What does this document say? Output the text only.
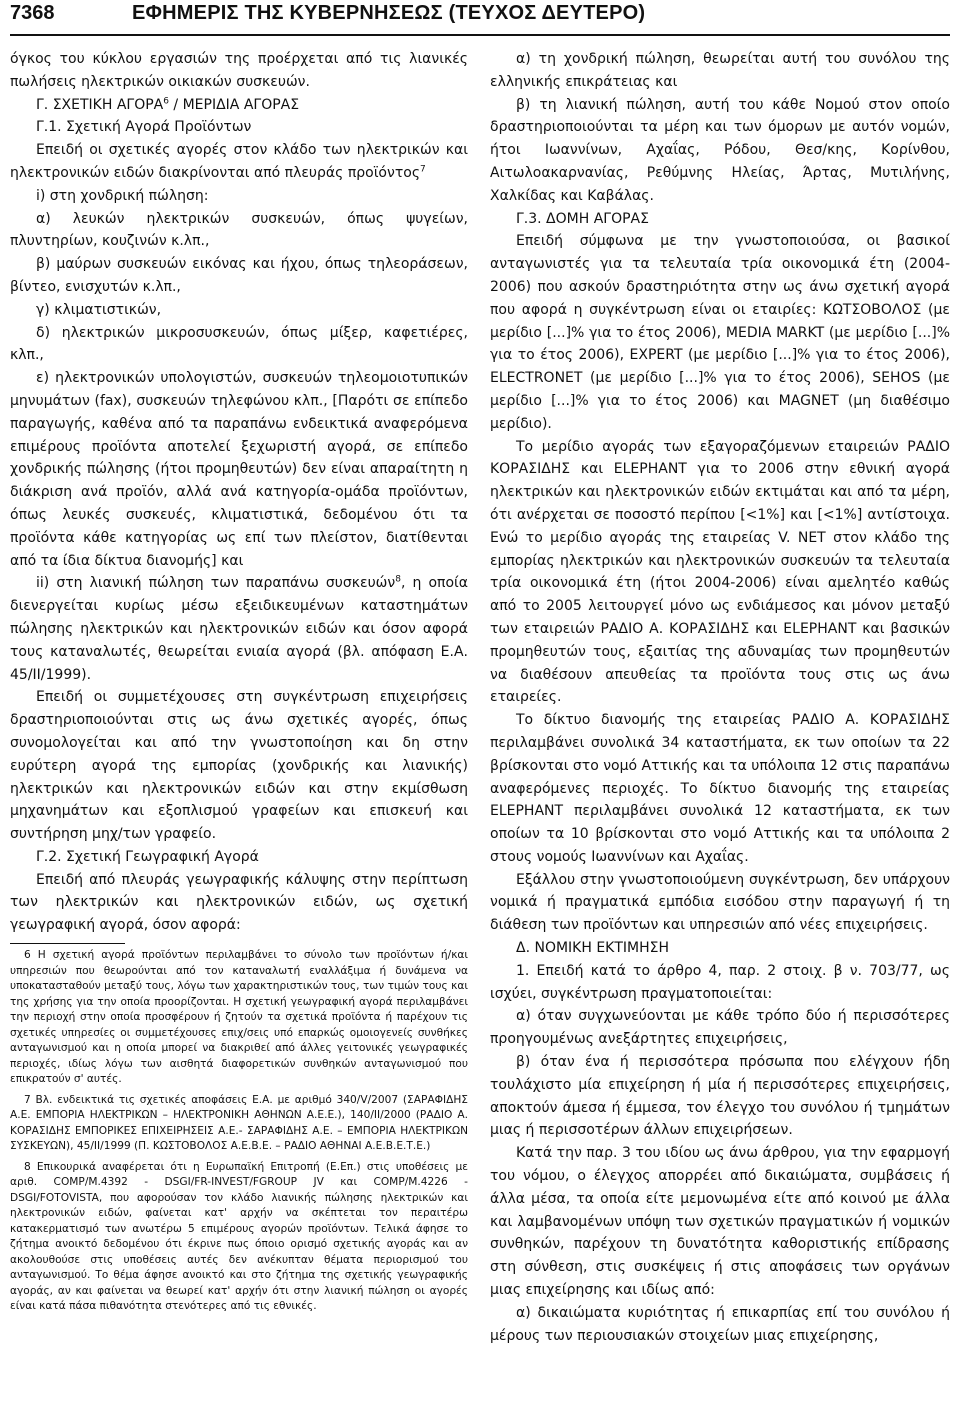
7368	ΕΦΗΜΕΡΙΣ ΤΗΣ ΚΥΒΕΡΝΗΣΕΩΣ (ΤΕΥΧΟΣ ΔΕΥΤΕΡΟ)

όγκος του κύκλου εργασιών της προέρχεται από τις λιανικές πωλήσεις ηλεκτρικών οικιακών συσκευών.

Γ. ΣΧΕΤΙΚΗ ΑΓΟΡΑ$^6$ / ΜΕΡΙΔΙΑ ΑΓΟΡΑΣ

Γ.1. Σχετική Αγορά Προϊόντων

Επειδή οι σχετικές αγορές στον κλάδο των ηλεκτρικών και ηλεκτρονικών ειδών διακρίνονται από πλευράς προϊόντος$^7$

i) στη χονδρική πώληση:

α) λευκών ηλεκτρικών συσκευών, όπως ψυγείων, πλυντηρίων, κουζινών κ.λπ.,

β) μαύρων συσκευών εικόνας και ήχου, όπως τηλεοράσεων, βίντεο, ενισχυτών κ.λπ.,

γ) κλιματιστικών,

δ) ηλεκτρικών μικροσυσκευών, όπως μίξερ, καφετιέρες, κλπ.,

ε) ηλεκτρονικών υπολογιστών, συσκευών τηλεομοιοτυπικών μηνυμάτων (fax), συσκευών τηλεφώνου κλπ., [Παρότι σε επίπεδο παραγωγής, καθένα από τα παραπάνω ενδεικτικά αναφερόμενα επιμέρους προϊόντα αποτελεί ξεχωριστή αγορά, σε επίπεδο χονδρικής πώλησης (ήτοι προμηθευτών) δεν είναι απαραίτητη η διάκριση ανά προϊόν, αλλά ανά κατηγορία-ομάδα προϊόντων, όπως λευκές συσκευές, κλιματιστικά, δεδομένου ότι τα προϊόντα κάθε κατηγορίας ως επί των πλείστον, διατίθενται από τα ίδια δίκτυα διανομής] και

ii) στη λιανική πώληση των παραπάνω συσκευών$^8$, η οποία διενεργείται κυρίως μέσω εξειδικευμένων καταστημάτων πώλησης ηλεκτρικών και ηλεκτρονικών ειδών και όσον αφορά τους καταναλωτές, θεωρείται ενιαία αγορά (βλ. απόφαση Ε.Α. 45/ΙΙ/1999).

Επειδή οι συμμετέχουσες στη συγκέντρωση επιχειρήσεις δραστηριοποιούνται στις ως άνω σχετικές αγορές, όπως συνομολογείται και από την γνωστοποίηση και δη στην ευρύτερη αγορά της εμπορίας (χονδρικής και λιανικής) ηλεκτρικών και ηλεκτρονικών ειδών και στην εκμίσθωση μηχανημάτων και εξοπλισμού γραφείων και επισκευή και συντήρηση μηχ/των γραφείο.

Γ.2. Σχετική Γεωγραφική Αγορά

Επειδή από πλευράς γεωγραφικής κάλυψης στην περίπτωση των ηλεκτρικών και ηλεκτρονικών ειδών, ως σχετική γεωγραφική αγορά, όσον αφορά:

6 Η σχετική αγορά προϊόντων περιλαμβάνει το σύνολο των προϊόντων ή/και υπηρεσιών που θεωρούνται από τον καταναλωτή εναλλάξιμα ή δυνάμενα να υποκατασταθούν μεταξύ τους, λόγω των χαρακτηριστικών τους, των τιμών τους και της χρήσης για την οποία προορίζονται. Η σχετική γεωγραφική αγορά περιλαμβάνει την περιοχή στην οποία προσφέρουν ή ζητούν τα σχετικά προϊόντα ή παρέχουν τις σχετικές υπηρεσίες οι συμμετέχουσες επιχ/σεις υπό επαρκώς ομοιογενείς συνθήκες ανταγωνισμού και η οποία μπορεί να διακριθεί από άλλες γειτονικές γεωγραφικές περιοχές, ιδίως λόγω των αισθητά διαφορετικών συνθηκών ανταγωνισμού που επικρατούν σ' αυτές.

7 Βλ. ενδεικτικά τις σχετικές αποφάσεις Ε.Α. με αριθμό 340/V/2007 (ΣΑΡΑΦΙΔΗΣ Α.Ε. ΕΜΠΟΡΙΑ ΗΛΕΚΤΡΙΚΩΝ – ΗΛΕΚΤΡΟΝΙΚΗ ΑΘΗΝΩΝ Α.Ε.Ε.), 140/ΙΙ/2000 (ΡΑΔΙΟ Α. ΚΟΡΑΣΙΔΗΣ ΕΜΠΟΡΙΚΕΣ ΕΠΙΧΕΙΡΗΣΕΙΣ Α.Ε.- ΣΑΡΑΦΙΔΗΣ Α.Ε. – ΕΜΠΟΡΙΑ ΗΛΕΚΤΡΙΚΩΝ ΣΥΣΚΕΥΩΝ), 45/ΙΙ/1999 (Π. ΚΩΣΤΟΒΟΛΟΣ Α.Ε.Β.Ε. – ΡΑΔΙΟ ΑΘΗΝΑΙ Α.Ε.Β.Ε.Τ.Ε.)

8 Επικουρικά αναφέρεται ότι η Ευρωπαϊκή Επιτροπή (Ε.Επ.) στις υποθέσεις με αριθ. COMP/M.4392 - DSGI/FR-INVEST/FGROUP JV και COMP/M.4226 - DSGI/FOTOVISTA, που αφορούσαν τον κλάδο λιανικής πώλησης ηλεκτρικών και ηλεκτρονικών ειδών, φαίνεται κατ' αρχήν να σκέπτεται τον περαιτέρω κατακερματισμό των ανωτέρω 5 επιμέρους αγορών προϊόντων. Τελικά άφησε το ζήτημα ανοικτό δεδομένου ότι έκρινε πως όποιο ορισμό σχετικής αγοράς και αν ακολουθούσε στις υποθέσεις αυτές δεν ανέκυπταν θέματα περιορισμού του ανταγωνισμού. Το θέμα άφησε ανοικτό και στο ζήτημα της σχετικής γεωγραφικής αγοράς, αν και φαίνεται να θεωρεί κατ' αρχήν ότι στην λιανική πώληση οι αγορές είναι κατά πάσα πιθανότητα στενότερες από τις εθνικές.

α) τη χονδρική πώληση, θεωρείται αυτή του συνόλου της ελληνικής επικράτειας και

β) τη λιανική πώληση, αυτή του κάθε Νομού στον οποίο δραστηριοποιούνται τα μέρη και των όμορων με αυτόν νομών, ήτοι Ιωαννίνων, Αχαΐας, Ρόδου, Θεσ/κης, Κορίνθου, Αιτωλοακαρνανίας, Ρεθύμνης Ηλείας, Άρτας, Μυτιλήνης, Χαλκίδας και Καβάλας.

Γ.3. ΔΟΜΗ ΑΓΟΡΑΣ

Επειδή σύμφωνα με την γνωστοποιούσα, οι βασικοί ανταγωνιστές για τα τελευταία τρία οικονομικά έτη (2004-2006) που ασκούν δραστηριότητα στην ως άνω σχετική αγορά που αφορά η συγκέντρωση είναι οι εταιρίες: ΚΩΤΣΟΒΟΛΟΣ (με μερίδιο [...]% για το έτος 2006), MEDIA MARKT (με μερίδιο [...]% για το έτος 2006), EXPERT (με μερίδιο [...]% για το έτος 2006), ELECTRONET (με μερίδιο [...]% για το έτος 2006), SEHOS (με μερίδιο [...]% για το έτος 2006) και MAGNET (μη διαθέσιμο μερίδιο).

Το μερίδιο αγοράς των εξαγοραζόμενων εταιρειών ΡΑΔΙΟ ΚΟΡΑΣΙΔΗΣ και ELEPHANT για το 2006 στην εθνική αγορά ηλεκτρικών και ηλεκτρονικών ειδών εκτιμάται και από τα μέρη, ότι ανέρχεται σε ποσοστό περίπου [<1%] και [<1%] αντίστοιχα. Ενώ το μερίδιο αγοράς της εταιρείας V. NET στον κλάδο της εμπορίας ηλεκτρικών και ηλεκτρονικών συσκευών τα τελευταία τρία οικονομικά έτη (ήτοι 2004-2006) είναι αμελητέο καθώς από το 2005 λειτουργεί μόνο ως ενδιάμεσος και μόνον μεταξύ των εταιρειών ΡΑΔΙΟ Α. ΚΟΡΑΣΙΔΗΣ και ELEPHANT και βασικών προμηθευτών τους, εξαιτίας της αδυναμίας των προμηθευτών να διαθέσουν απευθείας τα προϊόντα τους στις ως άνω εταιρείες.

Το δίκτυο διανομής της εταιρείας ΡΑΔΙΟ Α. ΚΟΡΑΣΙΔΗΣ περιλαμβάνει συνολικά 34 καταστήματα, εκ των οποίων τα 22 βρίσκονται στο νομό Αττικής και τα υπόλοιπα 12 στις παραπάνω αναφερόμενες περιοχές. Το δίκτυο διανομής της εταιρείας ELEPHANT περιλαμβάνει συνολικά 12 καταστήματα, εκ των οποίων τα 10 βρίσκονται στο νομό Αττικής και τα υπόλοιπα 2 στους νομούς Ιωαννίνων και Αχαΐας.

Εξάλλου στην γνωστοποιούμενη συγκέντρωση, δεν υπάρχουν νομικά ή πραγματικά εμπόδια εισόδου στην παραγωγή ή τη διάθεση των προϊόντων και υπηρεσιών από νέες επιχειρήσεις.

Δ. ΝΟΜΙΚΗ ΕΚΤΙΜΗΣΗ

1. Επειδή κατά το άρθρο 4, παρ. 2 στοιχ. β ν. 703/77, ως ισχύει, συγκέντρωση πραγματοποιείται:

α) όταν συγχωνεύονται με κάθε τρόπο δύο ή περισσότερες προηγουμένως ανεξάρτητες επιχειρήσεις,

β) όταν ένα ή περισσότερα πρόσωπα που ελέγχουν ήδη τουλάχιστο μία επιχείρηση ή μία ή περισσότερες επιχειρήσεις, αποκτούν άμεσα ή έμμεσα, τον έλεγχο του συνόλου ή τμημάτων μιας ή περισσοτέρων άλλων επιχειρήσεων.

Κατά την παρ. 3 του ιδίου ως άνω άρθρου, για την εφαρμογή του νόμου, ο έλεγχος απορρέει από δικαιώματα, συμβάσεις ή άλλα μέσα, τα οποία είτε μεμονωμένα είτε από κοινού με άλλα και λαμβανομένων υπόψη των σχετικών πραγματικών ή νομικών συνθηκών, παρέχουν τη δυνατότητα καθοριστικής επίδρασης στη σύνθεση, στις συσκέψεις ή στις αποφάσεις των οργάνων μιας επιχείρησης και ιδίως από:

α) δικαιώματα κυριότητας ή επικαρπίας επί του συνόλου ή μέρους των περιουσιακών στοιχείων μιας επιχείρησης,
